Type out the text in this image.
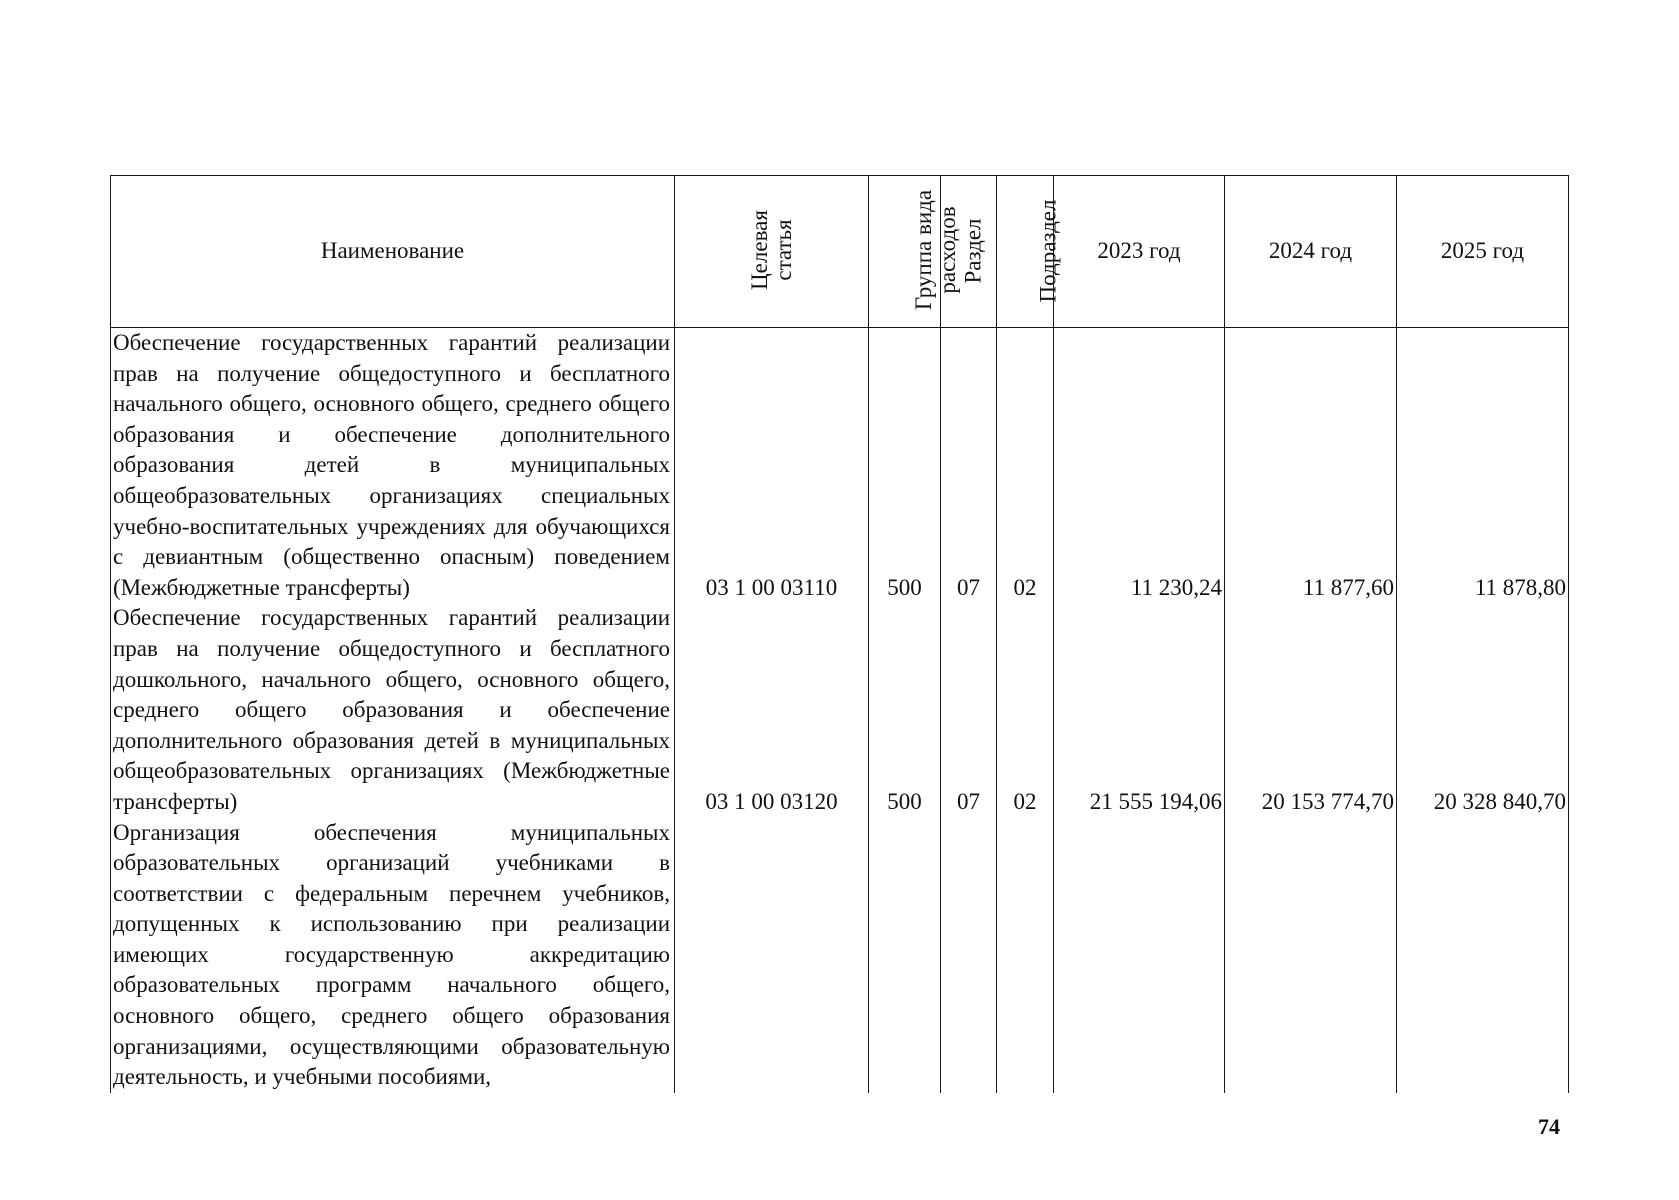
Наименование	Целевая статья	Группа вида расходов	Раздел	Подраздел	2023 год	2024 год	2025 год
Обеспечение государственных гарантий реализации прав на получение общедоступного и бесплатного начального общего, основного общего, среднего общего образования и обеспечение дополнительного образования детей в муниципальных общеобразовательных организациях специальных учебно-воспитательных учреждениях для обучающихся с девиантным (общественно опасным) поведением (Межбюджетные трансферты)	03 1 00 03110	500	07	02	11 230,24	11 877,60	11 878,80
Обеспечение государственных гарантий реализации прав на получение общедоступного и бесплатного дошкольного, начального общего, основного общего, среднего общего образования и обеспечение дополнительного образования детей в муниципальных общеобразовательных организациях (Межбюджетные трансферты)	03 1 00 03120	500	07	02	21 555 194,06	20 153 774,70	20 328 840,70
Организация обеспечения муниципальных образовательных организаций учебниками в соответствии с федеральным перечнем учебников, допущенных к использованию при реализации имеющих государственную аккредитацию образовательных программ начального общего, основного общего, среднего общего образования организациями, осуществляющими образовательную деятельность, и учебными пособиями,							
74
